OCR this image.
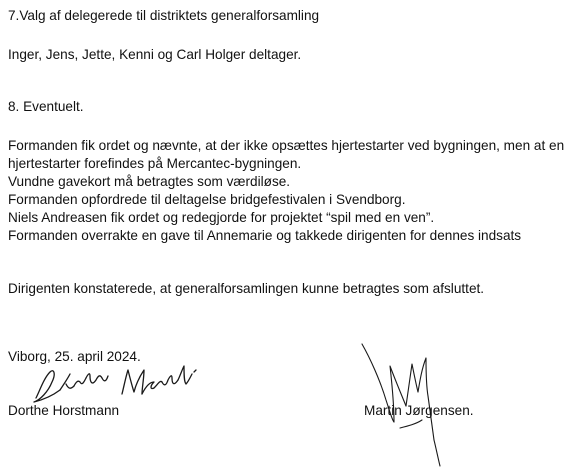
7.Valg af delegerede til distriktets generalforsamling
Inger, Jens, Jette, Kenni og Carl Holger deltager.
8. Eventuelt.
Formanden fik ordet og nævnte, at der ikke opsættes hjertestarter ved bygningen, men at en
hjertestarter forefindes på Mercantec-bygningen.
Vundne gavekort må betragtes som værdiløse.
Formanden opfordrede til deltagelse bridgefestivalen i Svendborg.
Niels Andreasen fik ordet og redegjorde for projektet “spil med en ven”.
Formanden overrakte en gave til Annemarie og takkede dirigenten for dennes indsats
Dirigenten konstaterede, at generalforsamlingen kunne betragtes som afsluttet.
Viborg, 25. april 2024.
Dorthe Horstmann	Martin Jørgensen.
